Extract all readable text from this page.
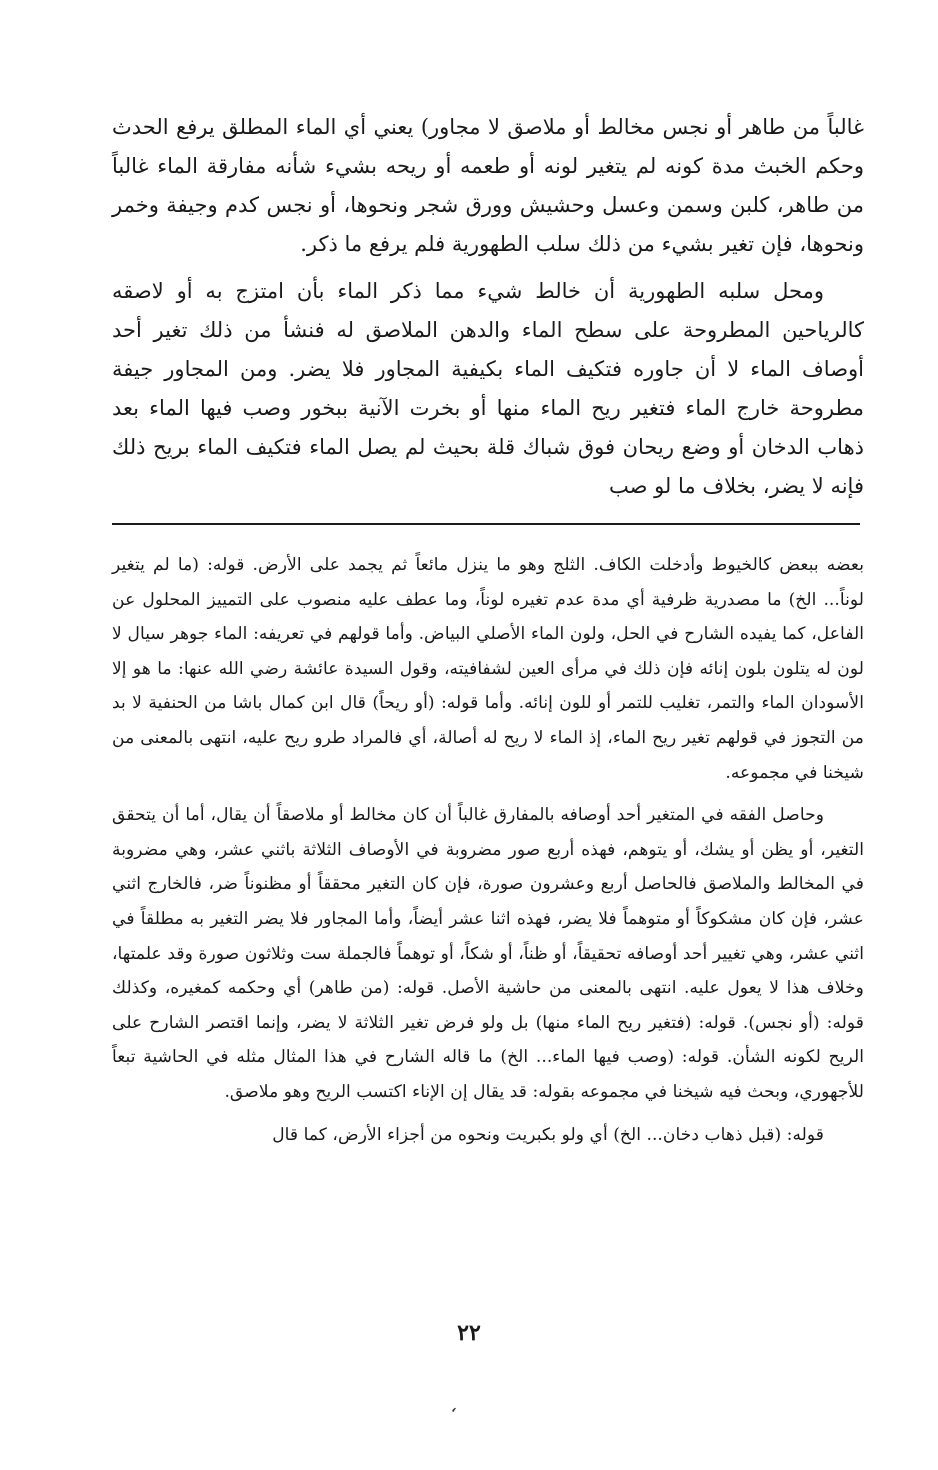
غالباً من طاهر أو نجس مخالط أو ملاصق لا مجاور) يعني أي الماء المطلق يرفع الحدث وحكم الخبث مدة كونه لم يتغير لونه أو طعمه أو ريحه بشيء شأنه مفارقة الماء غالباً من طاهر، كلبن وسمن وعسل وحشيش وورق شجر ونحوها، أو نجس كدم وجيفة وخمر ونحوها، فإن تغير بشيء من ذلك سلب الطهورية فلم يرفع ما ذكر.

ومحل سلبه الطهورية أن خالط شيء مما ذكر الماء بأن امتزج به أو لاصقه كالرياحين المطروحة على سطح الماء والدهن الملاصق له فنشأ من ذلك تغير أحد أوصاف الماء لا أن جاوره فتكيف الماء بكيفية المجاور فلا يضر. ومن المجاور جيفة مطروحة خارج الماء فتغير ريح الماء منها أو بخرت الآنية ببخور وصب فيها الماء بعد ذهاب الدخان أو وضع ريحان فوق شباك قلة بحيث لم يصل الماء فتكيف الماء بريح ذلك فإنه لا يضر، بخلاف ما لو صب

بعضه ببعض كالخيوط وأدخلت الكاف. الثلج وهو ما ينزل مائعاً ثم يجمد على الأرض. قوله: (ما لم يتغير لوناً... الخ) ما مصدرية ظرفية أي مدة عدم تغيره لوناً، وما عطف عليه منصوب على التمييز المحلول عن الفاعل، كما يفيده الشارح في الحل، ولون الماء الأصلي البياض. وأما قولهم في تعريفه: الماء جوهر سيال لا لون له يتلون بلون إنائه فإن ذلك في مرأى العين لشفافيته، وقول السيدة عائشة رضي الله عنها: ما هو إلا الأسودان الماء والتمر، تغليب للتمر أو للون إنائه. وأما قوله: (أو ريحاً) قال ابن كمال باشا من الحنفية لا بد من التجوز في قولهم تغير ريح الماء، إذ الماء لا ريح له أصالة، أي فالمراد طرو ريح عليه، انتهى بالمعنى من شيخنا في مجموعه.

وحاصل الفقه في المتغير أحد أوصافه بالمفارق غالباً أن كان مخالط أو ملاصقاً أن يقال، أما أن يتحقق التغير، أو يظن أو يشك، أو يتوهم، فهذه أربع صور مضروبة في الأوصاف الثلاثة باثني عشر، وهي مضروبة في المخالط والملاصق فالحاصل أربع وعشرون صورة، فإن كان التغير محققاً أو مظنوناً ضر، فالخارج اثني عشر، فإن كان مشكوكاً أو متوهماً فلا يضر، فهذه اثنا عشر أيضاً، وأما المجاور فلا يضر التغير به مطلقاً في اثني عشر، وهي تغيير أحد أوصافه تحقيقاً، أو ظناً، أو شكاً، أو توهماً فالجملة ست وثلاثون صورة وقد علمتها، وخلاف هذا لا يعول عليه. انتهى بالمعنى من حاشية الأصل. قوله: (من طاهر) أي وحكمه كمغيره، وكذلك قوله: (أو نجس). قوله: (فتغير ريح الماء منها) بل ولو فرض تغير الثلاثة لا يضر، وإنما اقتصر الشارح على الريح لكونه الشأن. قوله: (وصب فيها الماء... الخ) ما قاله الشارح في هذا المثال مثله في الحاشية تبعاً للأجهوري، وبحث فيه شيخنا في مجموعه بقوله: قد يقال إن الإناء اكتسب الريح وهو ملاصق.

قوله: (قبل ذهاب دخان... الخ) أي ولو بكبريت ونحوه من أجزاء الأرض، كما قال

٢٢
،
